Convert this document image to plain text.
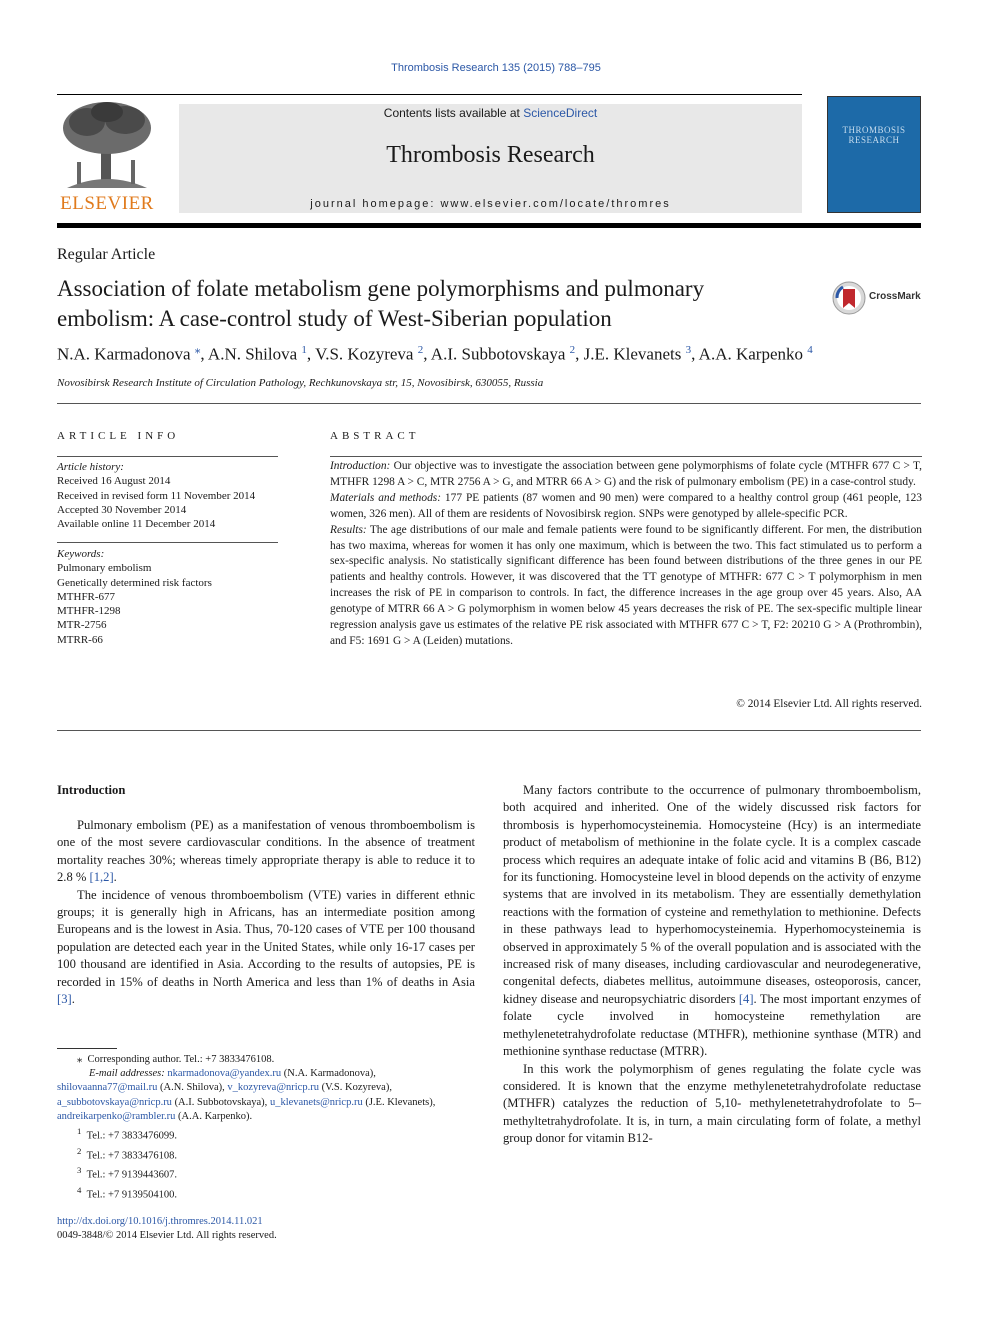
Thrombosis Research 135 (2015) 788–795
ELSEVIER
Contents lists available at ScienceDirect
Thrombosis Research
journal homepage: www.elsevier.com/locate/thromres
THROMBOSIS
RESEARCH
Regular Article
Association of folate metabolism gene polymorphisms and pulmonary embolism: A case-control study of West-Siberian population
CrossMark
N.A. Karmadonova ⁎, A.N. Shilova $^1$, V.S. Kozyreva $^2$, A.I. Subbotovskaya $^2$, J.E. Klevanets $^3$, A.A. Karpenko $^4$
Novosibirsk Research Institute of Circulation Pathology, Rechkunovskaya str, 15, Novosibirsk, 630055, Russia
ARTICLE INFO
Article history:
Received 16 August 2014
Received in revised form 11 November 2014
Accepted 30 November 2014
Available online 11 December 2014
Keywords:
Pulmonary embolism
Genetically determined risk factors
MTHFR-677
MTHFR-1298
MTR-2756
MTRR-66
ABSTRACT

Introduction: Our objective was to investigate the association between gene polymorphisms of folate cycle (MTHFR 677 C > T, MTHFR 1298 A > C, MTR 2756 A > G, and MTRR 66 A > G) and the risk of pulmonary embolism (PE) in a case-control study.

Materials and methods: 177 PE patients (87 women and 90 men) were compared to a healthy control group (461 people, 123 women, 326 men). All of them are residents of Novosibirsk region. SNPs were genotyped by allele-specific PCR.

Results: The age distributions of our male and female patients were found to be significantly different. For men, the distribution has two maxima, whereas for women it has only one maximum, which is between the two. This fact stimulated us to perform a sex-specific analysis. No statistically significant difference has been found between distributions of the three genes in our PE patients and healthy controls. However, it was discovered that the TT genotype of MTHFR: 677 C > T polymorphism in men increases the risk of PE in comparison to controls. In fact, the difference increases in the age group over 45 years. Also, AA genotype of MTRR 66 A > G polymorphism in women below 45 years decreases the risk of PE. The sex-specific multiple linear regression analysis gave us estimates of the relative PE risk associated with MTHFR 677 C > T, F2: 20210 G > A (Prothrombin), and F5: 1691 G > A (Leiden) mutations.

© 2014 Elsevier Ltd. All rights reserved.
Introduction

Pulmonary embolism (PE) as a manifestation of venous thromboembolism is one of the most severe cardiovascular conditions. In the absence of treatment mortality reaches 30%; whereas timely appropriate therapy is able to reduce it to 2.8 % [1,2].

The incidence of venous thromboembolism (VTE) varies in different ethnic groups; it is generally high in Africans, has an intermediate position among Europeans and is the lowest in Asia. Thus, 70-120 cases of VTE per 100 thousand population are detected each year in the United States, while only 16-17 cases per 100 thousand are identified in Asia. According to the results of autopsies, PE is recorded in 15% of deaths in North America and less than 1% of deaths in Asia [3].

⁎  Corresponding author. Tel.: +7 3833476108.
E-mail addresses: nkarmadonova@yandex.ru (N.A. Karmadonova),
shilovaanna77@mail.ru (A.N. Shilova), v_kozyreva@nricp.ru (V.S. Kozyreva),
a_subbotovskaya@nricp.ru (A.I. Subbotovskaya), u_klevanets@nricp.ru (J.E. Klevanets),
andreikarpenko@rambler.ru (A.A. Karpenko).
$^1$ Tel.: +7 3833476099.
$^2$ Tel.: +7 3833476108.
$^3$ Tel.: +7 9139443607.
$^4$ Tel.: +7 9139504100.
http://dx.doi.org/10.1016/j.thromres.2014.11.021
0049-3848/© 2014 Elsevier Ltd. All rights reserved.

Many factors contribute to the occurrence of pulmonary thromboembolism, both acquired and inherited. One of the widely discussed risk factors for thrombosis is hyperhomocysteinemia. Homocysteine (Hcy) is an intermediate product of metabolism of methionine in the folate cycle. It is a complex cascade process which requires an adequate intake of folic acid and vitamins B (B6, B12) for its functioning. Homocysteine level in blood depends on the activity of enzyme systems that are involved in its metabolism. They are essentially demethylation reactions with the formation of cysteine and remethylation to methionine. Defects in these pathways lead to hyperhomocysteinemia. Hyperhomocysteinemia is observed in approximately 5 % of the overall population and is associated with the increased risk of many diseases, including cardiovascular and neurodegenerative, congenital defects, diabetes mellitus, autoimmune diseases, osteoporosis, cancer, kidney disease and neuropsychiatric disorders [4]. The most important enzymes of folate cycle involved in homocysteine remethylation are methylenetetrahydrofolate reductase (MTHFR), methionine synthase (MTR) and methionine synthase reductase (MTRR).

In this work the polymorphism of genes regulating the folate cycle was considered. It is known that the enzyme methylenetetrahydrofolate reductase (MTHFR) catalyzes the reduction of 5,10- methylenetetrahydrofolate to 5– methyltetrahydrofolate. It is, in turn, a main circulating form of folate, a methyl group donor for vitamin B12-
